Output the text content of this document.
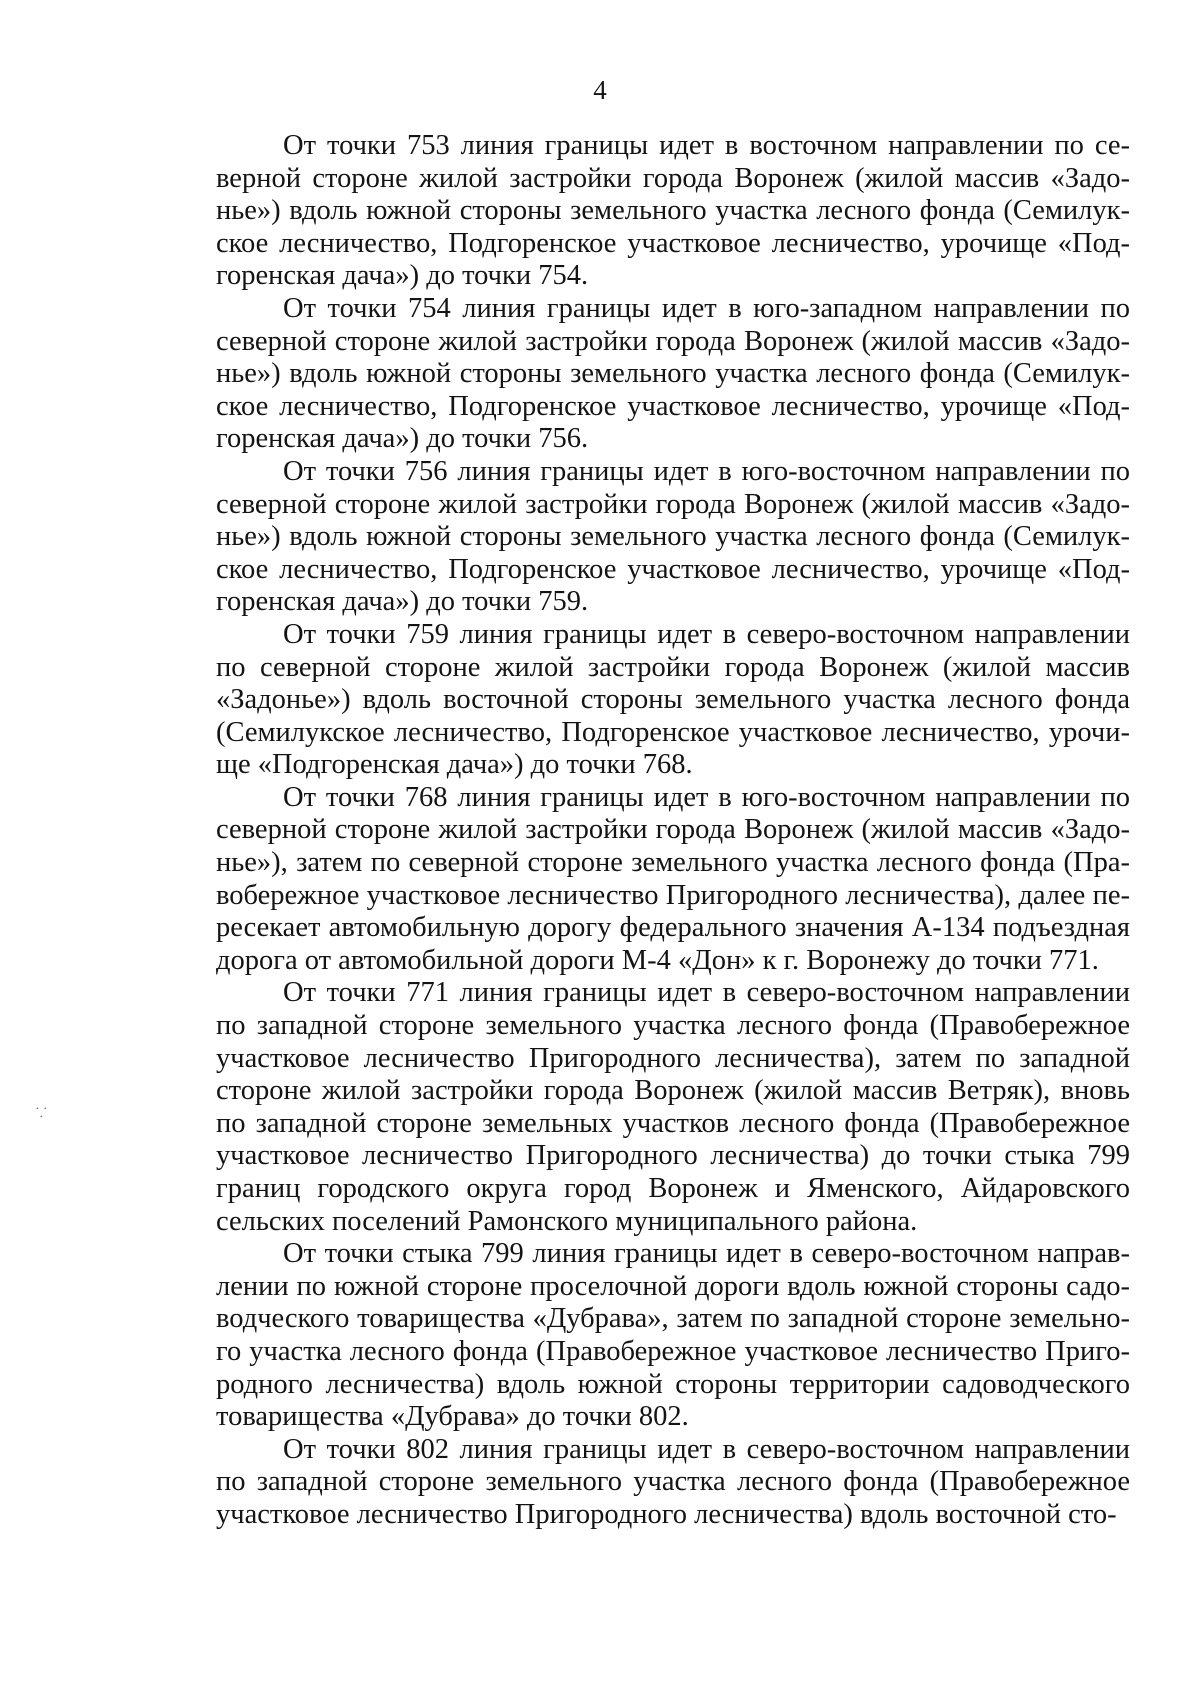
4
От точки 753 линия границы идет в восточном направлении по се-
верной стороне жилой застройки города Воронеж (жилой массив «Задо-
нье») вдоль южной стороны земельного участка лесного фонда (Семилук-
ское лесничество, Подгоренское участковое лесничество, урочище «Под-
горенская дача») до точки 754.
От точки 754 линия границы идет в юго-западном направлении по
северной стороне жилой застройки города Воронеж (жилой массив «Задо-
нье») вдоль южной стороны земельного участка лесного фонда (Семилук-
ское лесничество, Подгоренское участковое лесничество, урочище «Под-
горенская дача») до точки 756.
От точки 756 линия границы идет в юго-восточном направлении по
северной стороне жилой застройки города Воронеж (жилой массив «Задо-
нье») вдоль южной стороны земельного участка лесного фонда (Семилук-
ское лесничество, Подгоренское участковое лесничество, урочище «Под-
горенская дача») до точки 759.
От точки 759 линия границы идет в северо-восточном направлении
по северной стороне жилой застройки города Воронеж (жилой массив
«Задонье») вдоль восточной стороны земельного участка лесного фонда
(Семилукское лесничество, Подгоренское участковое лесничество, урочи-
ще «Подгоренская дача») до точки 768.
От точки 768 линия границы идет в юго-восточном направлении по
северной стороне жилой застройки города Воронеж (жилой массив «Задо-
нье»), затем по северной стороне земельного участка лесного фонда (Пра-
вобережное участковое лесничество Пригородного лесничества), далее пе-
ресекает автомобильную дорогу федерального значения А-134 подъездная
дорога от автомобильной дороги М-4 «Дон» к г. Воронежу до точки 771.
От точки 771 линия границы идет в северо-восточном направлении
по западной стороне земельного участка лесного фонда (Правобережное
участковое лесничество Пригородного лесничества), затем по западной
стороне жилой застройки города Воронеж (жилой массив Ветряк), вновь
по западной стороне земельных участков лесного фонда (Правобережное
участковое лесничество Пригородного лесничества) до точки стыка 799
границ городского округа город Воронеж и Яменского, Айдаровского
сельских поселений Рамонского муниципального района.
От точки стыка 799 линия границы идет в северо-восточном направ-
лении по южной стороне проселочной дороги вдоль южной стороны садо-
водческого товарищества «Дубрава», затем по западной стороне земельно-
го участка лесного фонда (Правобережное участковое лесничество Приго-
родного лесничества) вдоль южной стороны территории садоводческого
товарищества «Дубрава» до точки 802.
От точки 802 линия границы идет в северо-восточном направлении
по западной стороне земельного участка лесного фонда (Правобережное
участковое лесничество Пригородного лесничества) вдоль восточной сто-
⸪
